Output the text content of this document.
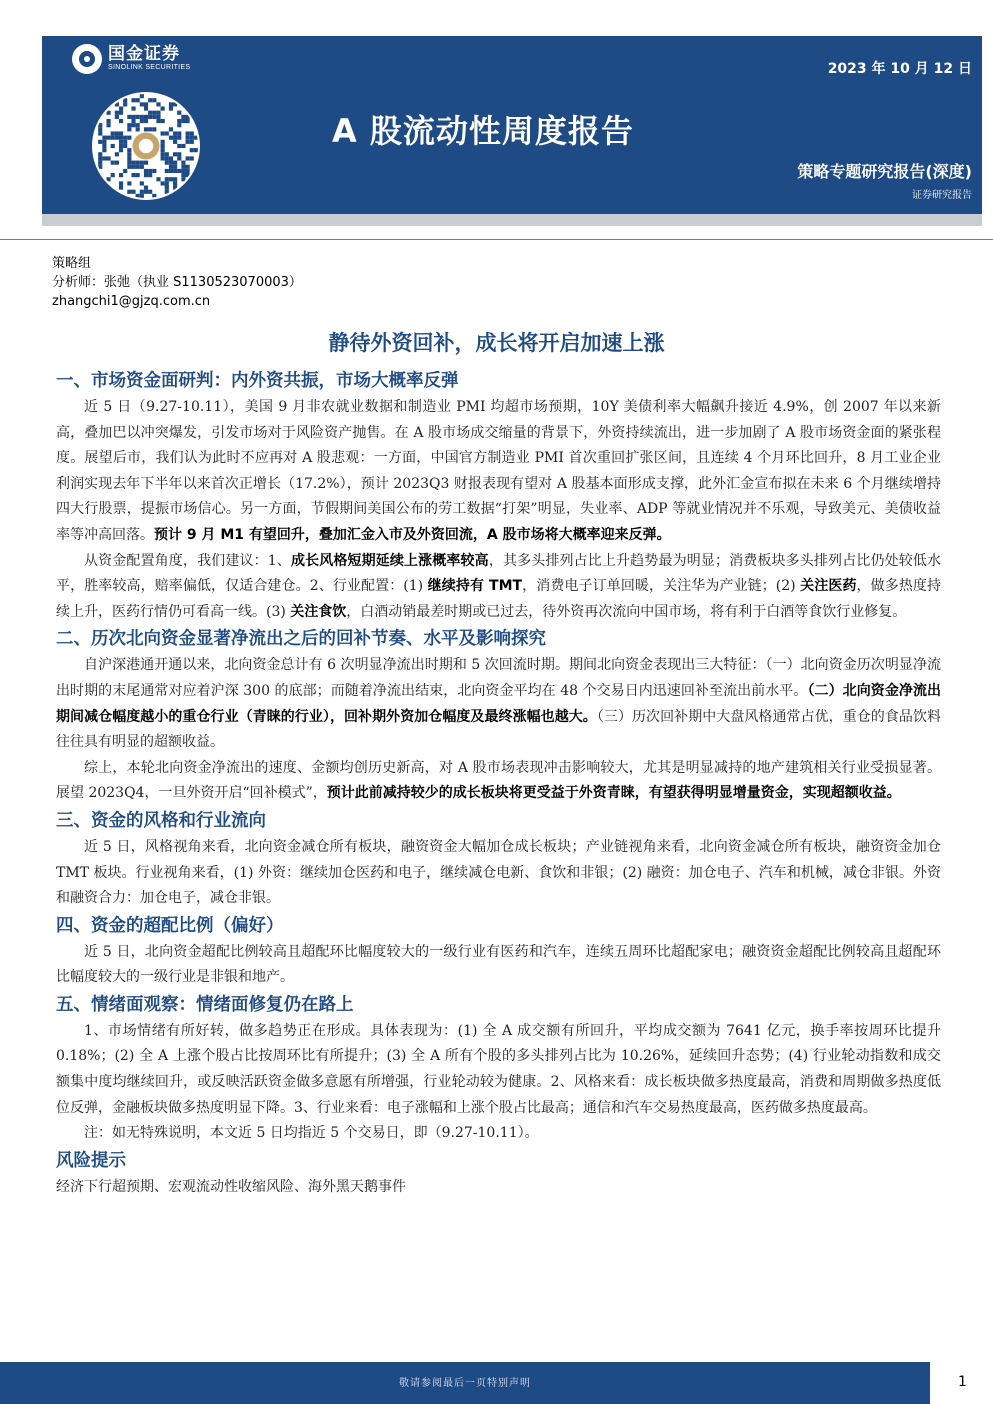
国金证券
SINOLINK SECURITIES
A 股流动性周度报告
2023 年 10 月 12 日
策略专题研究报告(深度)
证券研究报告
策略组
分析师：张弛（执业 S1130523070003）
zhangchi1@gjzq.com.cn
静待外资回补，成长将开启加速上涨
一、市场资金面研判：内外资共振，市场大概率反弹
近 5 日（9.27-10.11），美国 9 月非农就业数据和制造业 PMI 均超市场预期，10Y 美债利率大幅飙升接近 4.9%，创 2007 年以来新高，叠加巴以冲突爆发，引发市场对于风险资产抛售。在 A 股市场成交缩量的背景下，外资持续流出，进一步加剧了 A 股市场资金面的紧张程度。展望后市，我们认为此时不应再对 A 股悲观：一方面，中国官方制造业 PMI 首次重回扩张区间，且连续 4 个月环比回升，8 月工业企业利润实现去年下半年以来首次正增长（17.2%），预计 2023Q3 财报表现有望对 A 股基本面形成支撑，此外汇金宣布拟在未来 6 个月继续增持四大行股票，提振市场信心。另一方面，节假期间美国公布的劳工数据“打架”明显，失业率、ADP 等就业情况并不乐观，导致美元、美债收益率等冲高回落。预计 9 月 M1 有望回升，叠加汇金入市及外资回流，A 股市场将大概率迎来反弹。
从资金配置角度，我们建议：1、成长风格短期延续上涨概率较高，其多头排列占比上升趋势最为明显；消费板块多头排列占比仍处较低水平，胜率较高，赔率偏低，仅适合建仓。2、行业配置：(1) 继续持有 TMT，消费电子订单回暖，关注华为产业链；(2) 关注医药，做多热度持续上升，医药行情仍可看高一线。(3) 关注食饮，白酒动销最差时期或已过去，待外资再次流向中国市场，将有利于白酒等食饮行业修复。
二、历次北向资金显著净流出之后的回补节奏、水平及影响探究
自沪深港通开通以来，北向资金总计有 6 次明显净流出时期和 5 次回流时期。期间北向资金表现出三大特征：（一）北向资金历次明显净流出时期的末尾通常对应着沪深 300 的底部；而随着净流出结束，北向资金平均在 48 个交易日内迅速回补至流出前水平。（二）北向资金净流出期间减仓幅度越小的重仓行业（青睐的行业），回补期外资加仓幅度及最终涨幅也越大。（三）历次回补期中大盘风格通常占优，重仓的食品饮料往往具有明显的超额收益。
综上，本轮北向资金净流出的速度、金额均创历史新高，对 A 股市场表现冲击影响较大，尤其是明显减持的地产建筑相关行业受损显著。展望 2023Q4，一旦外资开启“回补模式”，预计此前减持较少的成长板块将更受益于外资青睐，有望获得明显增量资金，实现超额收益。
三、资金的风格和行业流向
近 5 日，风格视角来看，北向资金减仓所有板块，融资资金大幅加仓成长板块；产业链视角来看，北向资金减仓所有板块，融资资金加仓 TMT 板块。行业视角来看，(1) 外资：继续加仓医药和电子，继续减仓电新、食饮和非银；(2) 融资：加仓电子、汽车和机械，减仓非银。外资和融资合力：加仓电子，减仓非银。
四、资金的超配比例（偏好）
近 5 日，北向资金超配比例较高且超配环比幅度较大的一级行业有医药和汽车，连续五周环比超配家电；融资资金超配比例较高且超配环比幅度较大的一级行业是非银和地产。
五、情绪面观察：情绪面修复仍在路上
1、市场情绪有所好转，做多趋势正在形成。具体表现为：(1) 全 A 成交额有所回升，平均成交额为 7641 亿元，换手率按周环比提升 0.18%；(2) 全 A 上涨个股占比按周环比有所提升；(3) 全 A 所有个股的多头排列占比为 10.26%，延续回升态势；(4) 行业轮动指数和成交额集中度均继续回升，或反映活跃资金做多意愿有所增强，行业轮动较为健康。2、风格来看：成长板块做多热度最高，消费和周期做多热度低位反弹，金融板块做多热度明显下降。3、行业来看：电子涨幅和上涨个股占比最高；通信和汽车交易热度最高，医药做多热度最高。
注：如无特殊说明，本文近 5 日均指近 5 个交易日，即（9.27-10.11）。
风险提示
经济下行超预期、宏观流动性收缩风险、海外黑天鹅事件
敬请参阅最后一页特别声明	1
